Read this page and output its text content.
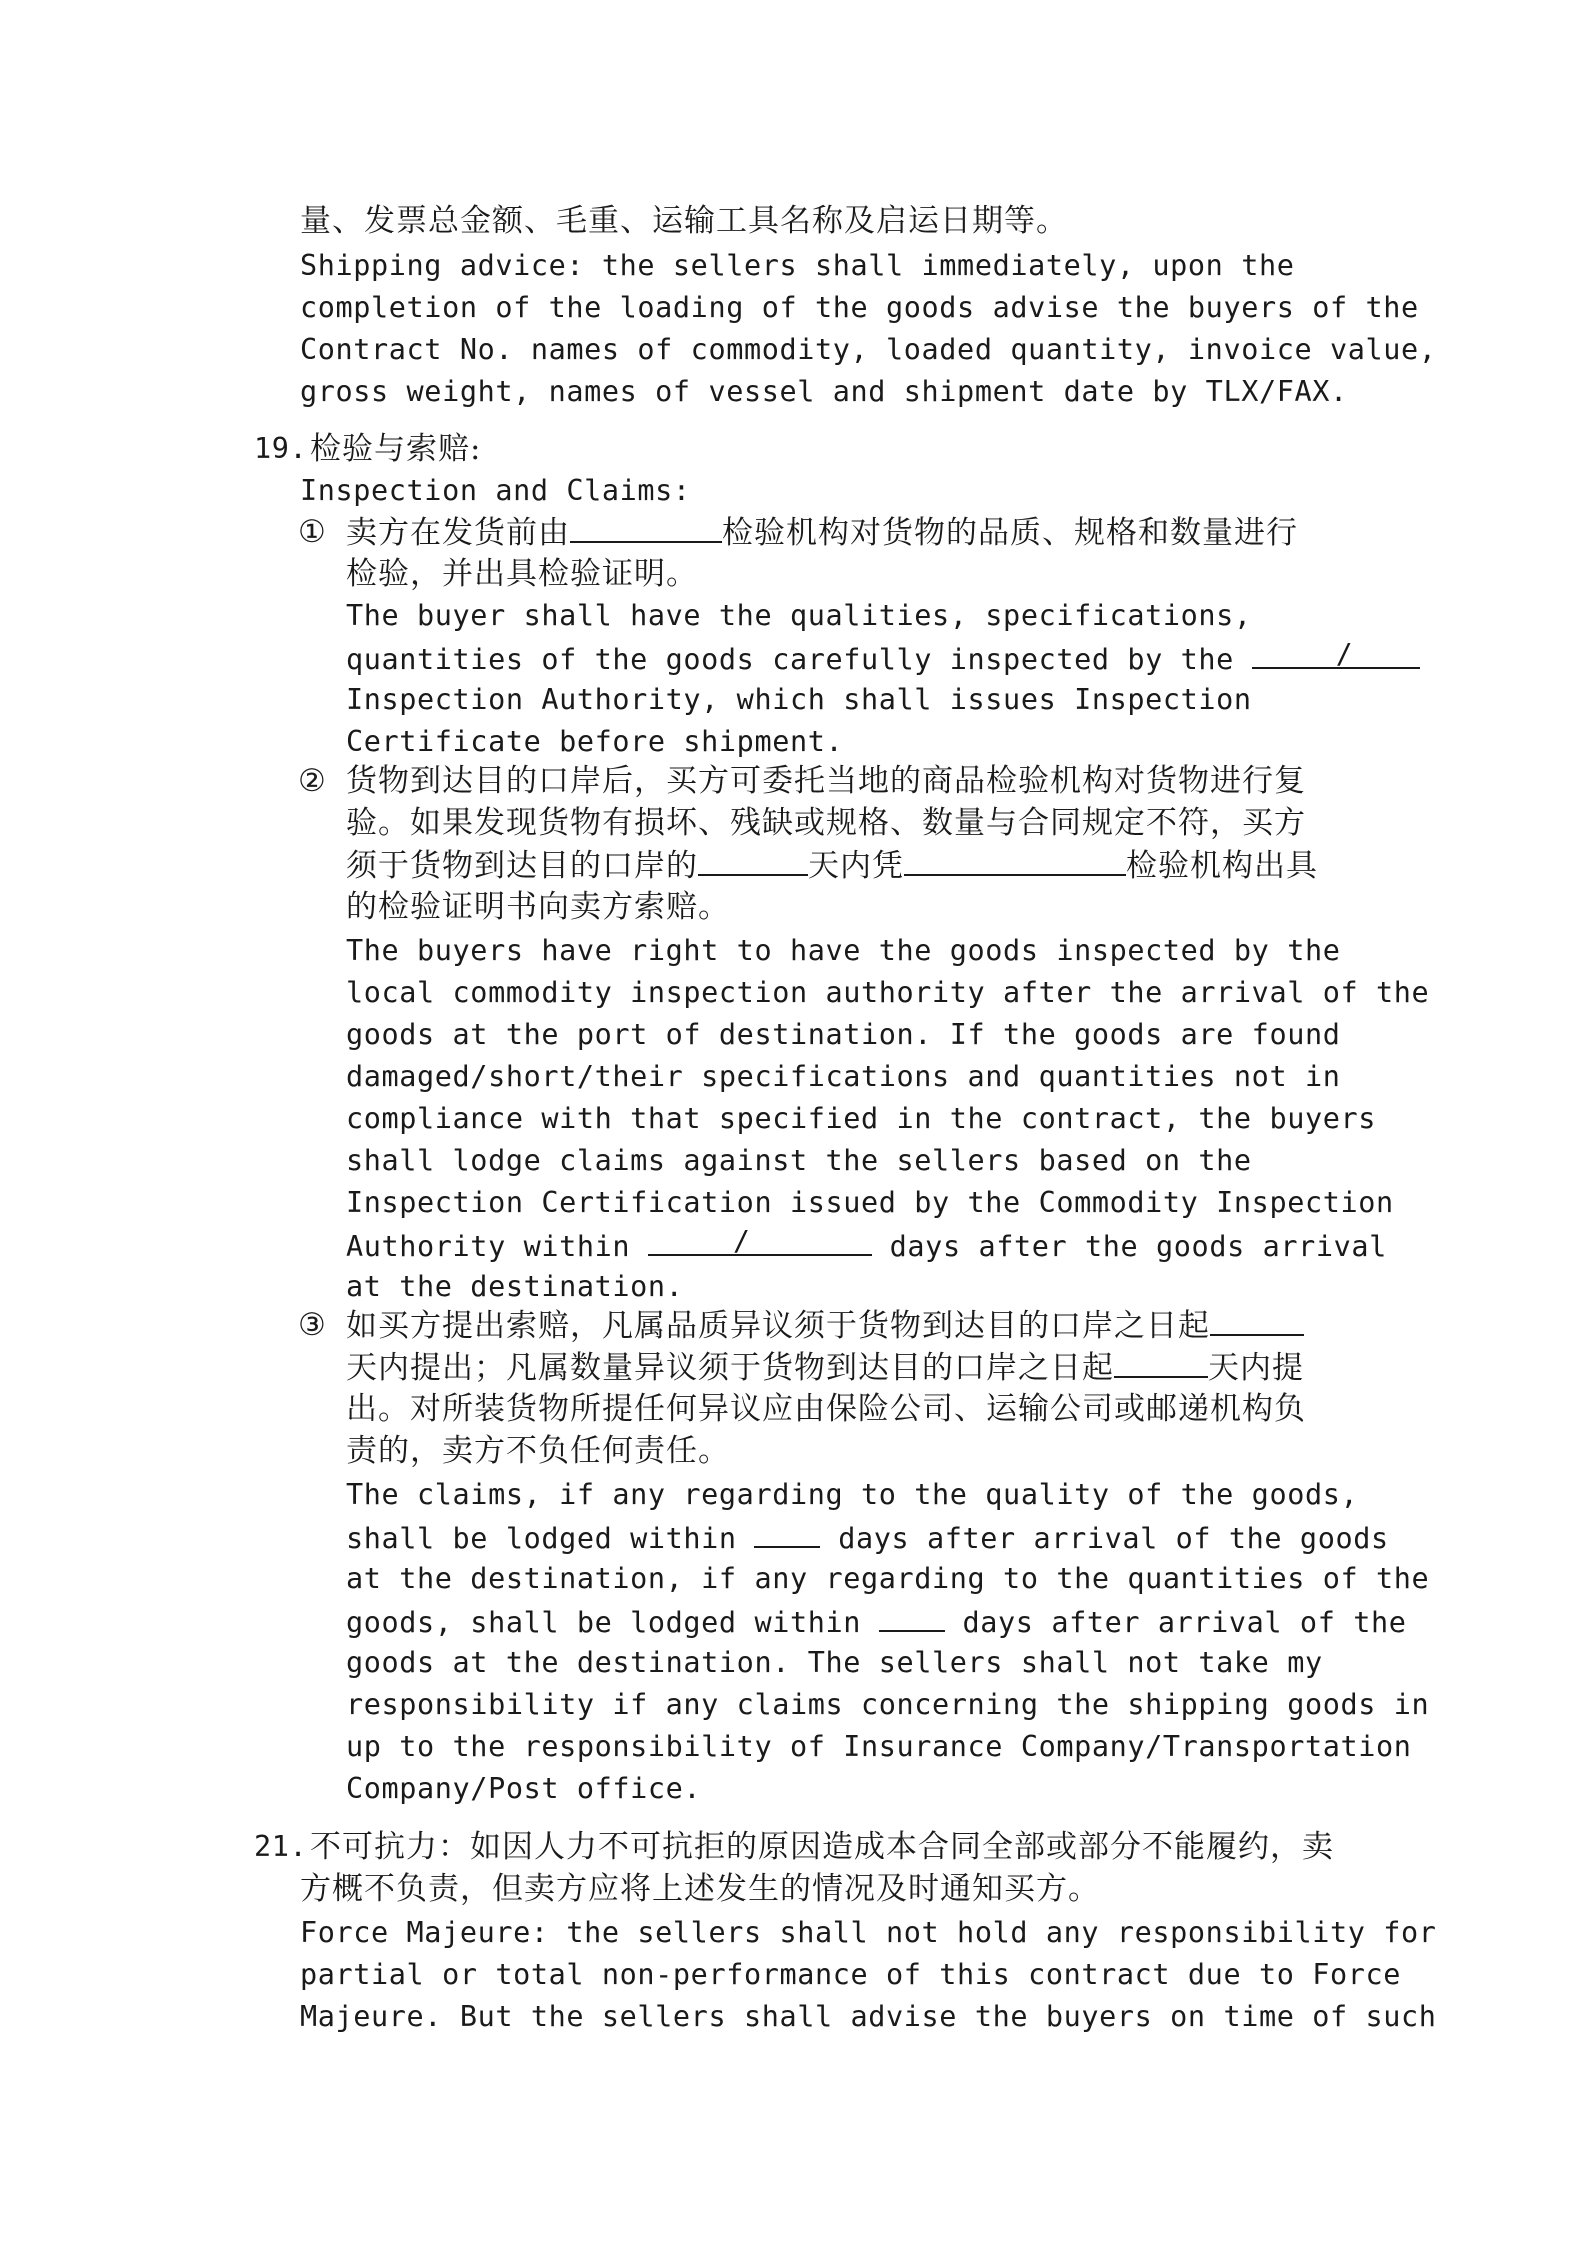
量、发票总金额、毛重、运输工具名称及启运日期等。
Shipping advice: the sellers shall immediately, upon the
completion of the loading of the goods advise the buyers of the
Contract No. names of commodity, loaded quantity, invoice value,
gross weight, names of vessel and shipment date by TLX/FAX.
19. 检验与索赔:
Inspection and Claims:
① 卖方在发货前由	检验机构对货物的品质、规格和数量进行
检验，并出具检验证明。
The buyer shall have the qualities, specifications,
quantities of the goods carefully inspected by the	/
Inspection Authority, which shall issues Inspection
Certificate before shipment.
② 货物到达目的口岸后，买方可委托当地的商品检验机构对货物进行复
验。如果发现货物有损坏、残缺或规格、数量与合同规定不符，买方
须于货物到达目的口岸的	天内凭	检验机构出具
的检验证明书向卖方索赔。
The buyers have right to have the goods inspected by the
local commodity inspection authority after the arrival of the
goods at the port of destination. If the goods are found
damaged/short/their specifications and quantities not in
compliance with that specified in the contract, the buyers
shall lodge claims against the sellers based on the
Inspection Certification issued by the Commodity Inspection
Authority within	/	days after the goods arrival
at the destination.
③ 如买方提出索赔，凡属品质异议须于货物到达目的口岸之日起
天内提出；凡属数量异议须于货物到达目的口岸之日起	天内提
出。对所装货物所提任何异议应由保险公司、运输公司或邮递机构负
责的，卖方不负任何责任。
The claims, if any regarding to the quality of the goods,
shall be lodged within  days after arrival of the goods
at the destination, if any regarding to the quantities of the
goods, shall be lodged within  days after arrival of the
goods at the destination. The sellers shall not take my
responsibility if any claims concerning the shipping goods in
up to the responsibility of Insurance Company/Transportation
Company/Post office.
21. 不可抗力：如因人力不可抗拒的原因造成本合同全部或部分不能履约，卖
方概不负责，但卖方应将上述发生的情况及时通知买方。
Force Majeure: the sellers shall not hold any responsibility for
partial or total non-performance of this contract due to Force
Majeure. But the sellers shall advise the buyers on time of such
